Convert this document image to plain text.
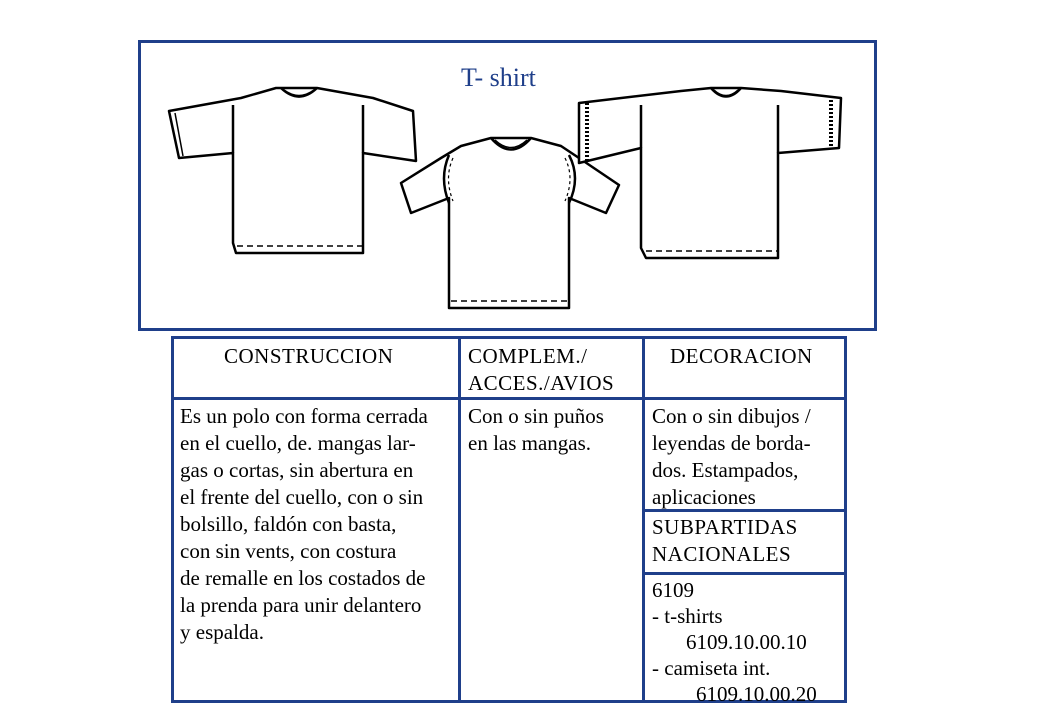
T- shirt
CONSTRUCCION	COMPLEM./
ACCES./AVIOS
DECORACION
Es un polo con forma cerrada
en el cuello, de. mangas lar-
gas o cortas, sin abertura en
el frente del cuello, con o sin
bolsillo, faldón con basta,
con sin vents, con costura
de remalle en los costados de
la prenda para unir delantero
y espalda.
Con o sin puños
en las mangas.
Con o sin dibujos /
leyendas de borda-
dos. Estampados,
aplicaciones
SUBPARTIDAS
NACIONALES
6109
- t-shirts
6109.10.00.10
- camiseta int.
6109.10.00.20
